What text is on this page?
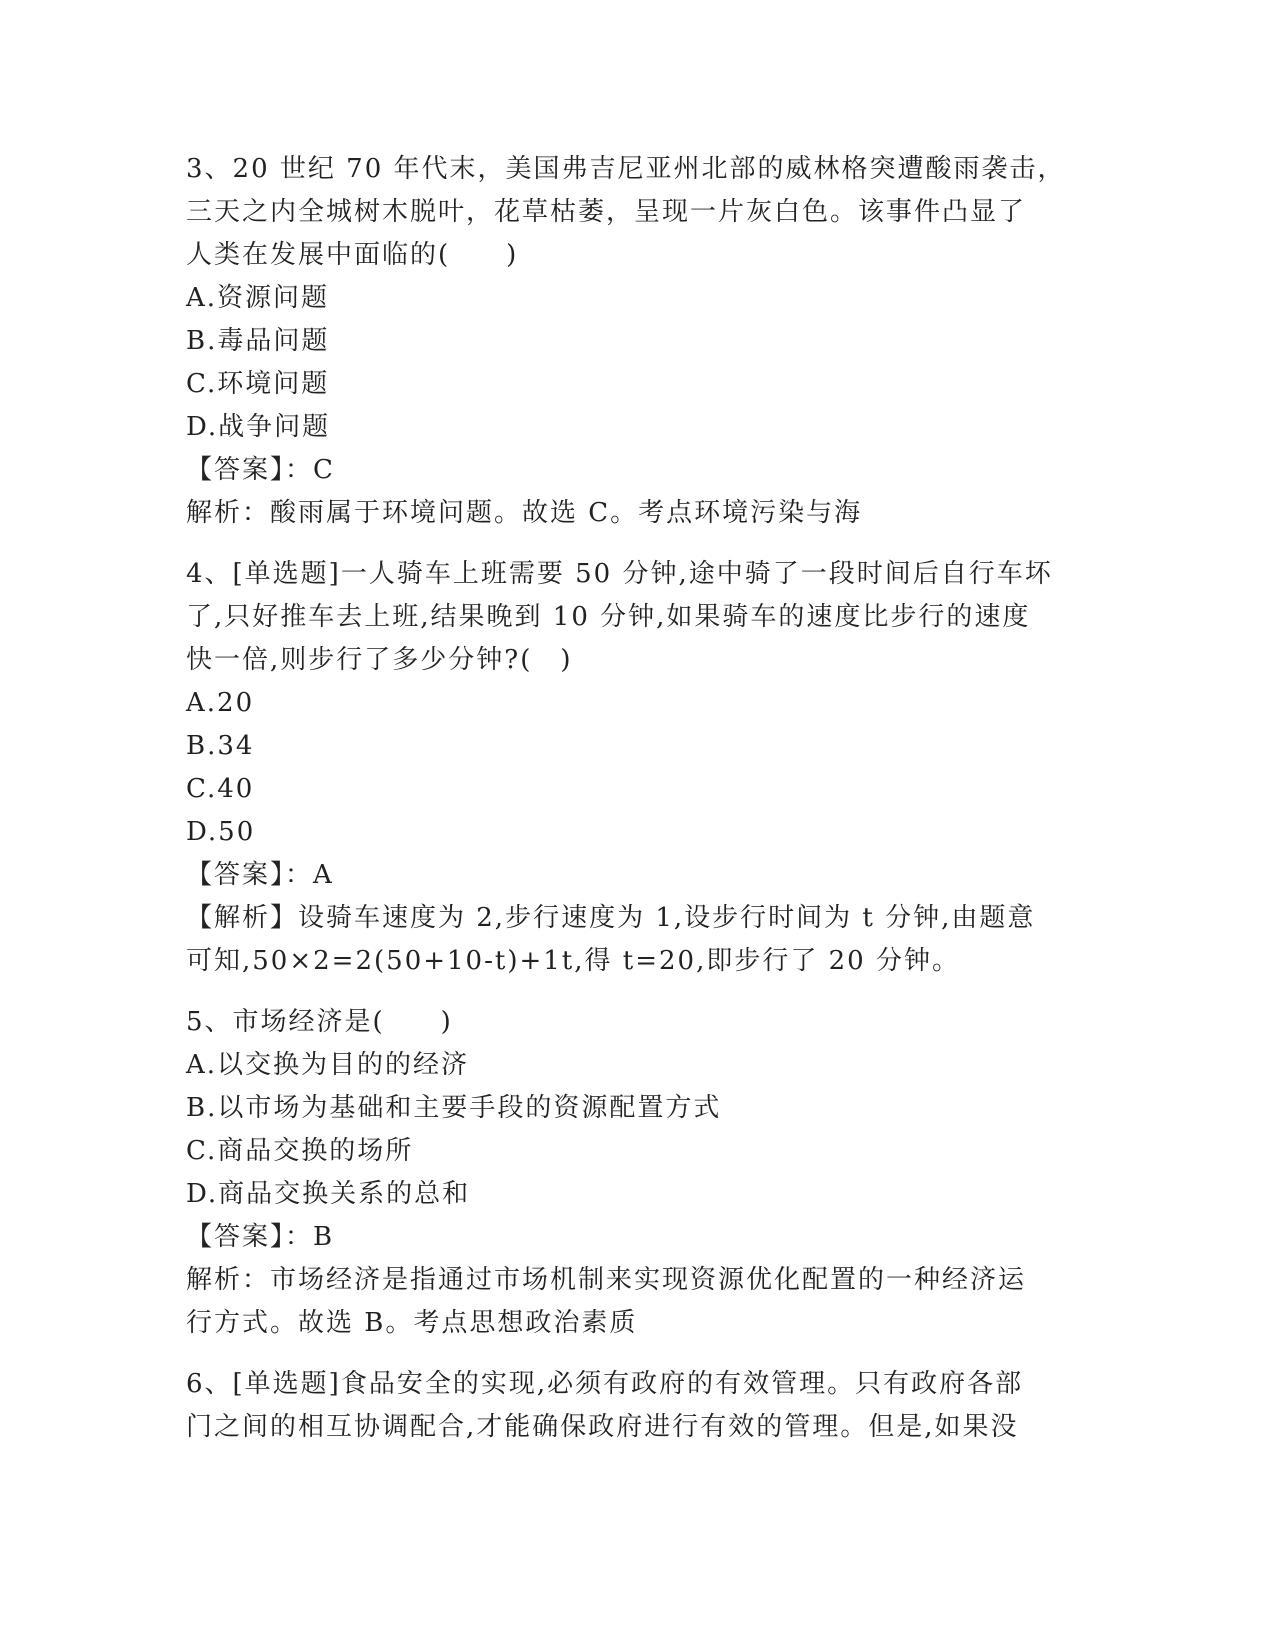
3、20 世纪 70 年代末，美国弗吉尼亚州北部的威林格突遭酸雨袭击，
三天之内全城树木脱叶，花草枯萎，呈现一片灰白色。该事件凸显了
人类在发展中面临的(　　)
A.资源问题
B.毒品问题
C.环境问题
D.战争问题
【答案】：C
解析：酸雨属于环境问题。故选 C。考点环境污染与海
4、[单选题]一人骑车上班需要 50 分钟,途中骑了一段时间后自行车坏
了,只好推车去上班,结果晚到 10 分钟,如果骑车的速度比步行的速度
快一倍,则步行了多少分钟?(　)
A.20
B.34
C.40
D.50
【答案】：A
【解析】设骑车速度为 2,步行速度为 1,设步行时间为 t 分钟,由题意
可知,50×2=2(50+10-t)+1t,得 t=20,即步行了 20 分钟。
5、市场经济是(　　)
A.以交换为目的的经济
B.以市场为基础和主要手段的资源配置方式
C.商品交换的场所
D.商品交换关系的总和
【答案】：B
解析：市场经济是指通过市场机制来实现资源优化配置的一种经济运
行方式。故选 B。考点思想政治素质
6、[单选题]食品安全的实现,必须有政府的有效管理。只有政府各部
门之间的相互协调配合,才能确保政府进行有效的管理。但是,如果没
